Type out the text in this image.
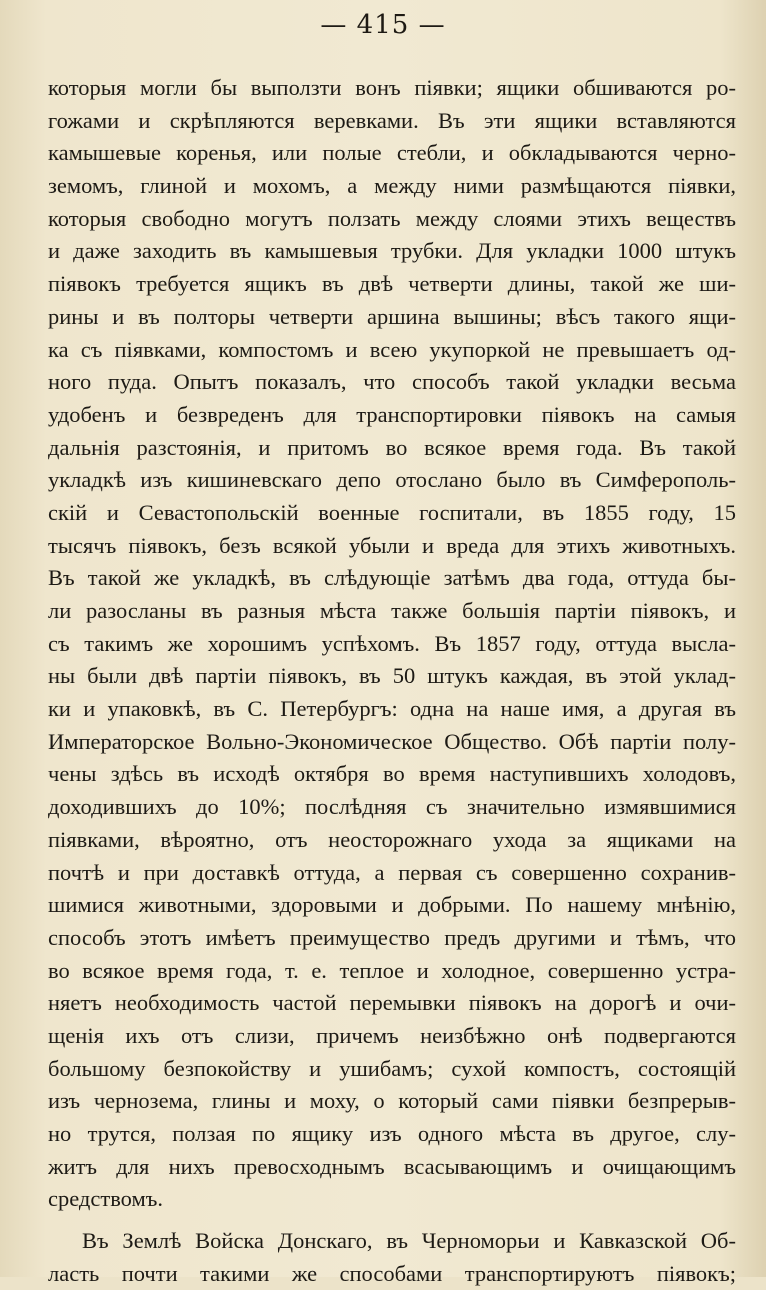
— 415 —
которыя могли бы выползти вонъ піявки; ящики обшиваются ро-
гожами и скрѣпляются веревками. Въ эти ящики вставляются
камышевые коренья, или полые стебли, и обкладываются черно-
земомъ, глиной и мохомъ, а между ними размѣщаются піявки,
которыя свободно могутъ ползать между слоями этихъ веществъ
и даже заходить въ камышевыя трубки. Для укладки 1000 штукъ
піявокъ требуется ящикъ въ двѣ четверти длины, такой же ши-
рины и въ полторы четверти аршина вышины; вѣсъ такого ящи-
ка съ піявками, компостомъ и всею укупоркой не превышаетъ од-
ного пуда. Опытъ показалъ, что способъ такой укладки весьма
удобенъ и безвреденъ для транспортировки піявокъ на самыя
дальнія разстоянія, и притомъ во всякое время года. Въ такой
укладкѣ изъ кишиневскаго депо отослано было въ Симферополь-
скій и Севастопольскій военные госпитали, въ 1855 году, 15
тысячъ піявокъ, безъ всякой убыли и вреда для этихъ животныхъ.
Въ такой же укладкѣ, въ слѣдующіе затѣмъ два года, оттуда бы-
ли разосланы въ разныя мѣста также большія партіи піявокъ, и
съ такимъ же хорошимъ успѣхомъ. Въ 1857 году, оттуда высла-
ны были двѣ партіи піявокъ, въ 50 штукъ каждая, въ этой уклад-
ки и упаковкѣ, въ С. Петербургъ: одна на наше имя, а другая въ
Императорское Вольно-Экономическое Общество. Обѣ партіи полу-
чены здѣсь въ исходѣ октября во время наступившихъ холодовъ,
доходившихъ до 10%; послѣдняя съ значительно измявшимися
піявками, вѣроятно, отъ неосторожнаго ухода за ящиками на
почтѣ и при доставкѣ оттуда, а первая съ совершенно сохранив-
шимися животными, здоровыми и добрыми. По нашему мнѣнію,
способъ этотъ имѣетъ преимущество предъ другими и тѣмъ, что
во всякое время года, т. е. теплое и холодное, совершенно устра-
няетъ необходимость частой перемывки піявокъ на дорогѣ и очи-
щенія ихъ отъ слизи, причемъ неизбѣжно онѣ подвергаются
большому безпокойству и ушибамъ; сухой компостъ, состоящій
изъ чернозема, глины и моху, о который сами піявки безпрерыв-
но трутся, ползая по ящику изъ одного мѣста въ другое, слу-
житъ для нихъ превосходнымъ всасывающимъ и очищающимъ
средствомъ.
Въ Землѣ Войска Донскаго, въ Черноморьи и Кавказской Об-
ласть почти такими же способами транспортируютъ піявокъ;
